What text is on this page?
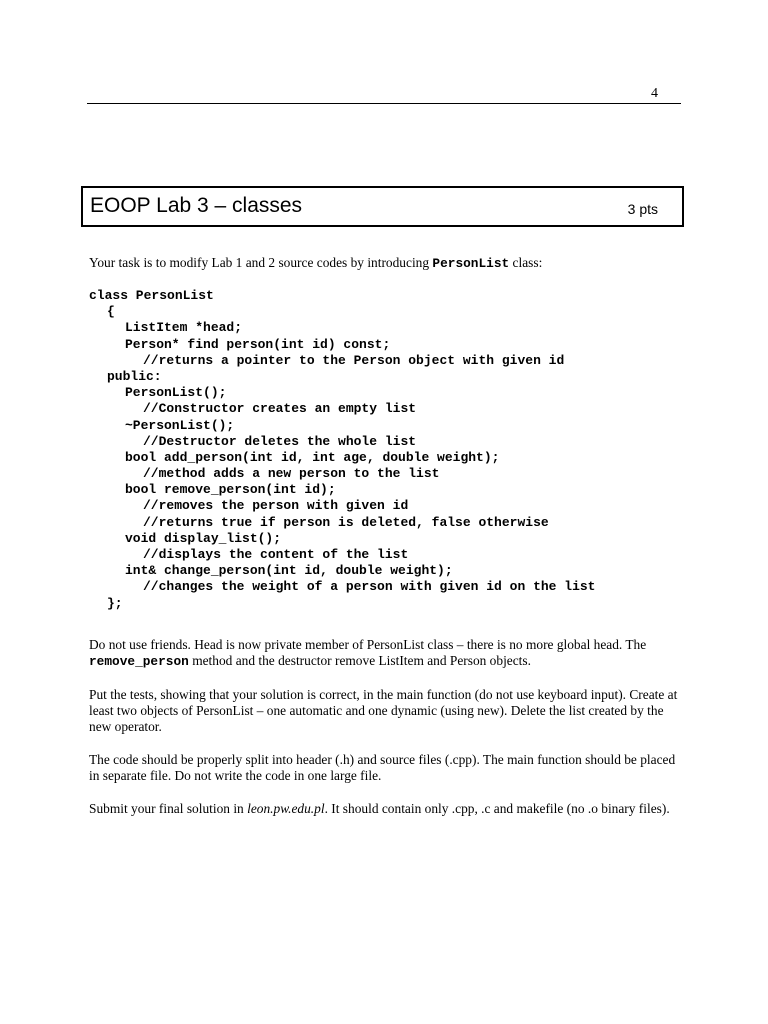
4
EOOP Lab 3 – classes	3 pts

Your task is to modify Lab 1 and 2 source codes by introducing PersonList class:

class PersonList
{
ListItem *head;
Person* find person(int id) const;
//returns a pointer to the Person object with given id
public:
PersonList();
//Constructor creates an empty list
~PersonList();
//Destructor deletes the whole list
bool add_person(int id, int age, double weight);
//method adds a new person to the list
bool remove_person(int id);
//removes the person with given id
//returns true if person is deleted, false otherwise
void display_list();
//displays the content of the list
int& change_person(int id, double weight);
//changes the weight of a person with given id on the list
};

Do not use friends. Head is now private member of PersonList class – there is no more global head. The remove_person method and the destructor remove ListItem and Person objects.

Put the tests, showing that your solution is correct, in the main function (do not use keyboard input). Create at least two objects of PersonList – one automatic and one dynamic (using new). Delete the list created by the new operator.

The code should be properly split into header (.h) and source files (.cpp). The main function should be placed in separate file. Do not write the code in one large file.

Submit your final solution in leon.pw.edu.pl. It should contain only .cpp, .c and makefile (no .o binary files).
